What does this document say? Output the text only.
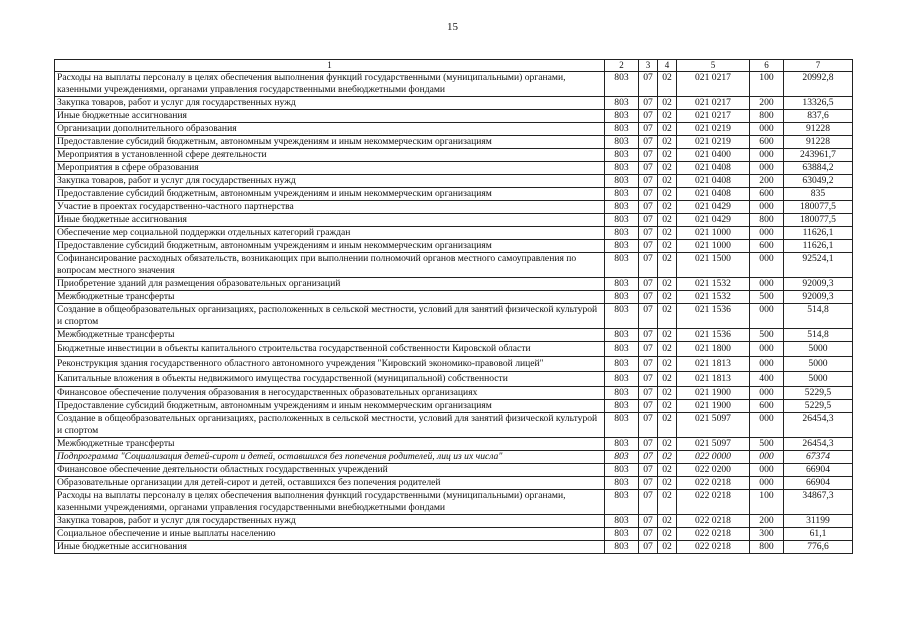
15
1	2	3	4	5	6	7
Расходы на выплаты персоналу в целях обеспечения выполнения функций государственными (муниципальными) органами, казенными учреждениями, органами управления государственными внебюджетными фондами	803	07	02	021 0217	100	20992,8
Закупка товаров, работ и услуг для государственных нужд	803	07	02	021 0217	200	13326,5
Иные бюджетные ассигнования	803	07	02	021 0217	800	837,6
Организации дополнительного образования	803	07	02	021 0219	000	91228
Предоставление субсидий бюджетным, автономным учреждениям и иным некоммерческим организациям	803	07	02	021 0219	600	91228
Мероприятия в установленной сфере деятельности	803	07	02	021 0400	000	243961,7
Мероприятия в сфере образования	803	07	02	021 0408	000	63884,2
Закупка товаров, работ и услуг для государственных нужд	803	07	02	021 0408	200	63049,2
Предоставление субсидий бюджетным, автономным учреждениям и иным некоммерческим организациям	803	07	02	021 0408	600	835
Участие в проектах государственно-частного партнерства	803	07	02	021 0429	000	180077,5
Иные бюджетные ассигнования	803	07	02	021 0429	800	180077,5
Обеспечение мер социальной поддержки отдельных категорий граждан	803	07	02	021 1000	000	11626,1
Предоставление субсидий бюджетным, автономным учреждениям и иным некоммерческим организациям	803	07	02	021 1000	600	11626,1
Софинансирование расходных обязательств, возникающих при выполнении полномочий органов местного самоуправления по вопросам местного значения	803	07	02	021 1500	000	92524,1
Приобретение зданий для размещения образовательных организаций	803	07	02	021 1532	000	92009,3
Межбюджетные трансферты	803	07	02	021 1532	500	92009,3
Создание в общеобразовательных организациях, расположенных в сельской местности, условий для занятий физической культурой и спортом	803	07	02	021 1536	000	514,8
Межбюджетные трансферты	803	07	02	021 1536	500	514,8
Бюджетные инвестиции в объекты капитального строительства государственной собственности Кировской области	803	07	02	021 1800	000	5000
Реконструкция здания государственного областного автономного учреждения "Кировский экономико-правовой лицей"	803	07	02	021 1813	000	5000
Капитальные вложения в объекты недвижимого имущества государственной (муниципальной) собственности	803	07	02	021 1813	400	5000
Финансовое обеспечение получения образования в негосударственных образовательных организациях	803	07	02	021 1900	000	5229,5
Предоставление субсидий бюджетным, автономным учреждениям и иным некоммерческим организациям	803	07	02	021 1900	600	5229,5
Создание в общеобразовательных организациях, расположенных в сельской местности, условий для занятий физической культурой и спортом	803	07	02	021 5097	000	26454,3
Межбюджетные трансферты	803	07	02	021 5097	500	26454,3
Подпрограмма "Социализация детей-сирот и детей, оставшихся без попечения родителей, лиц из их числа"	803	07	02	022 0000	000	67374
Финансовое обеспечение деятельности областных государственных учреждений	803	07	02	022 0200	000	66904
Образовательные организации для детей-сирот и детей, оставшихся без попечения родителей	803	07	02	022 0218	000	66904
Расходы на выплаты персоналу в целях обеспечения выполнения функций государственными (муниципальными) органами, казенными учреждениями, органами управления государственными внебюджетными фондами	803	07	02	022 0218	100	34867,3
Закупка товаров, работ и услуг для государственных нужд	803	07	02	022 0218	200	31199
Социальное обеспечение и иные выплаты населению	803	07	02	022 0218	300	61,1
Иные бюджетные ассигнования	803	07	02	022 0218	800	776,6
